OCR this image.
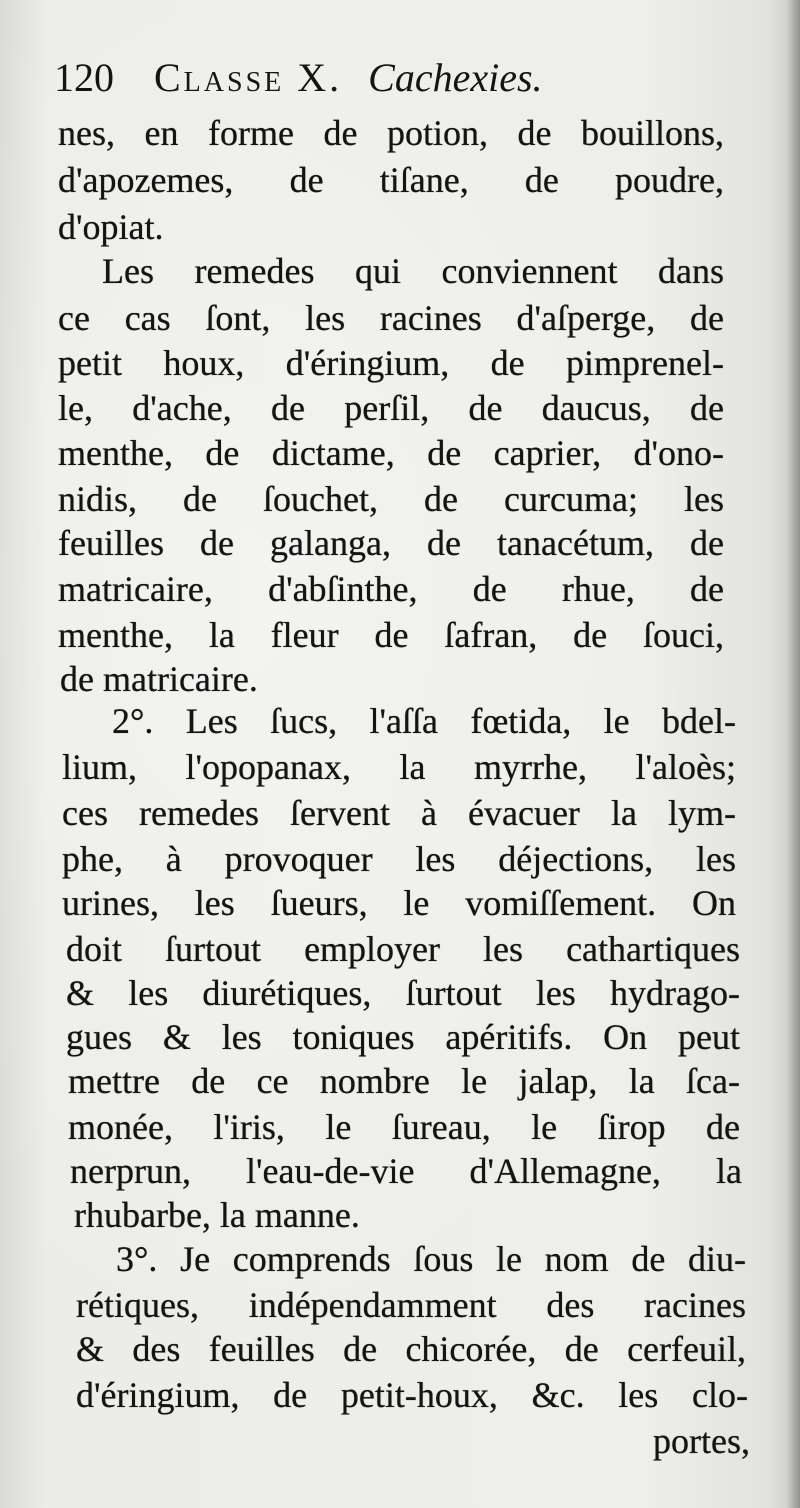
120 Classe X. Cachexies.
nes, en forme de potion, de bouillons,
d'apozemes, de tiſane, de poudre,
d'opiat.
Les remedes qui conviennent dans
ce cas ſont, les racines d'aſperge, de
petit houx, d'éringium, de pimprenel-
le, d'ache, de perſil, de daucus, de
menthe, de dictame, de caprier, d'ono-
nidis, de ſouchet, de curcuma; les
feuilles de galanga, de tanacétum, de
matricaire, d'abſinthe, de rhue, de
menthe, la fleur de ſafran, de ſouci,
de matricaire.
2°. Les ſucs, l'aſſa fœtida, le bdel-
lium, l'opopanax, la myrrhe, l'aloès;
ces remedes ſervent à évacuer la lym-
phe, à provoquer les déjections, les
urines, les ſueurs, le vomiſſement. On
doit ſurtout employer les cathartiques
& les diurétiques, ſurtout les hydrago-
gues & les toniques apéritifs. On peut
mettre de ce nombre le jalap, la ſca-
monée, l'iris, le ſureau, le ſirop de
nerprun, l'eau-de-vie d'Allemagne, la
rhubarbe, la manne.
3°. Je comprends ſous le nom de diu-
rétiques, indépendamment des racines
& des feuilles de chicorée, de cerfeuil,
d'éringium, de petit-houx, &c. les clo-
portes,
